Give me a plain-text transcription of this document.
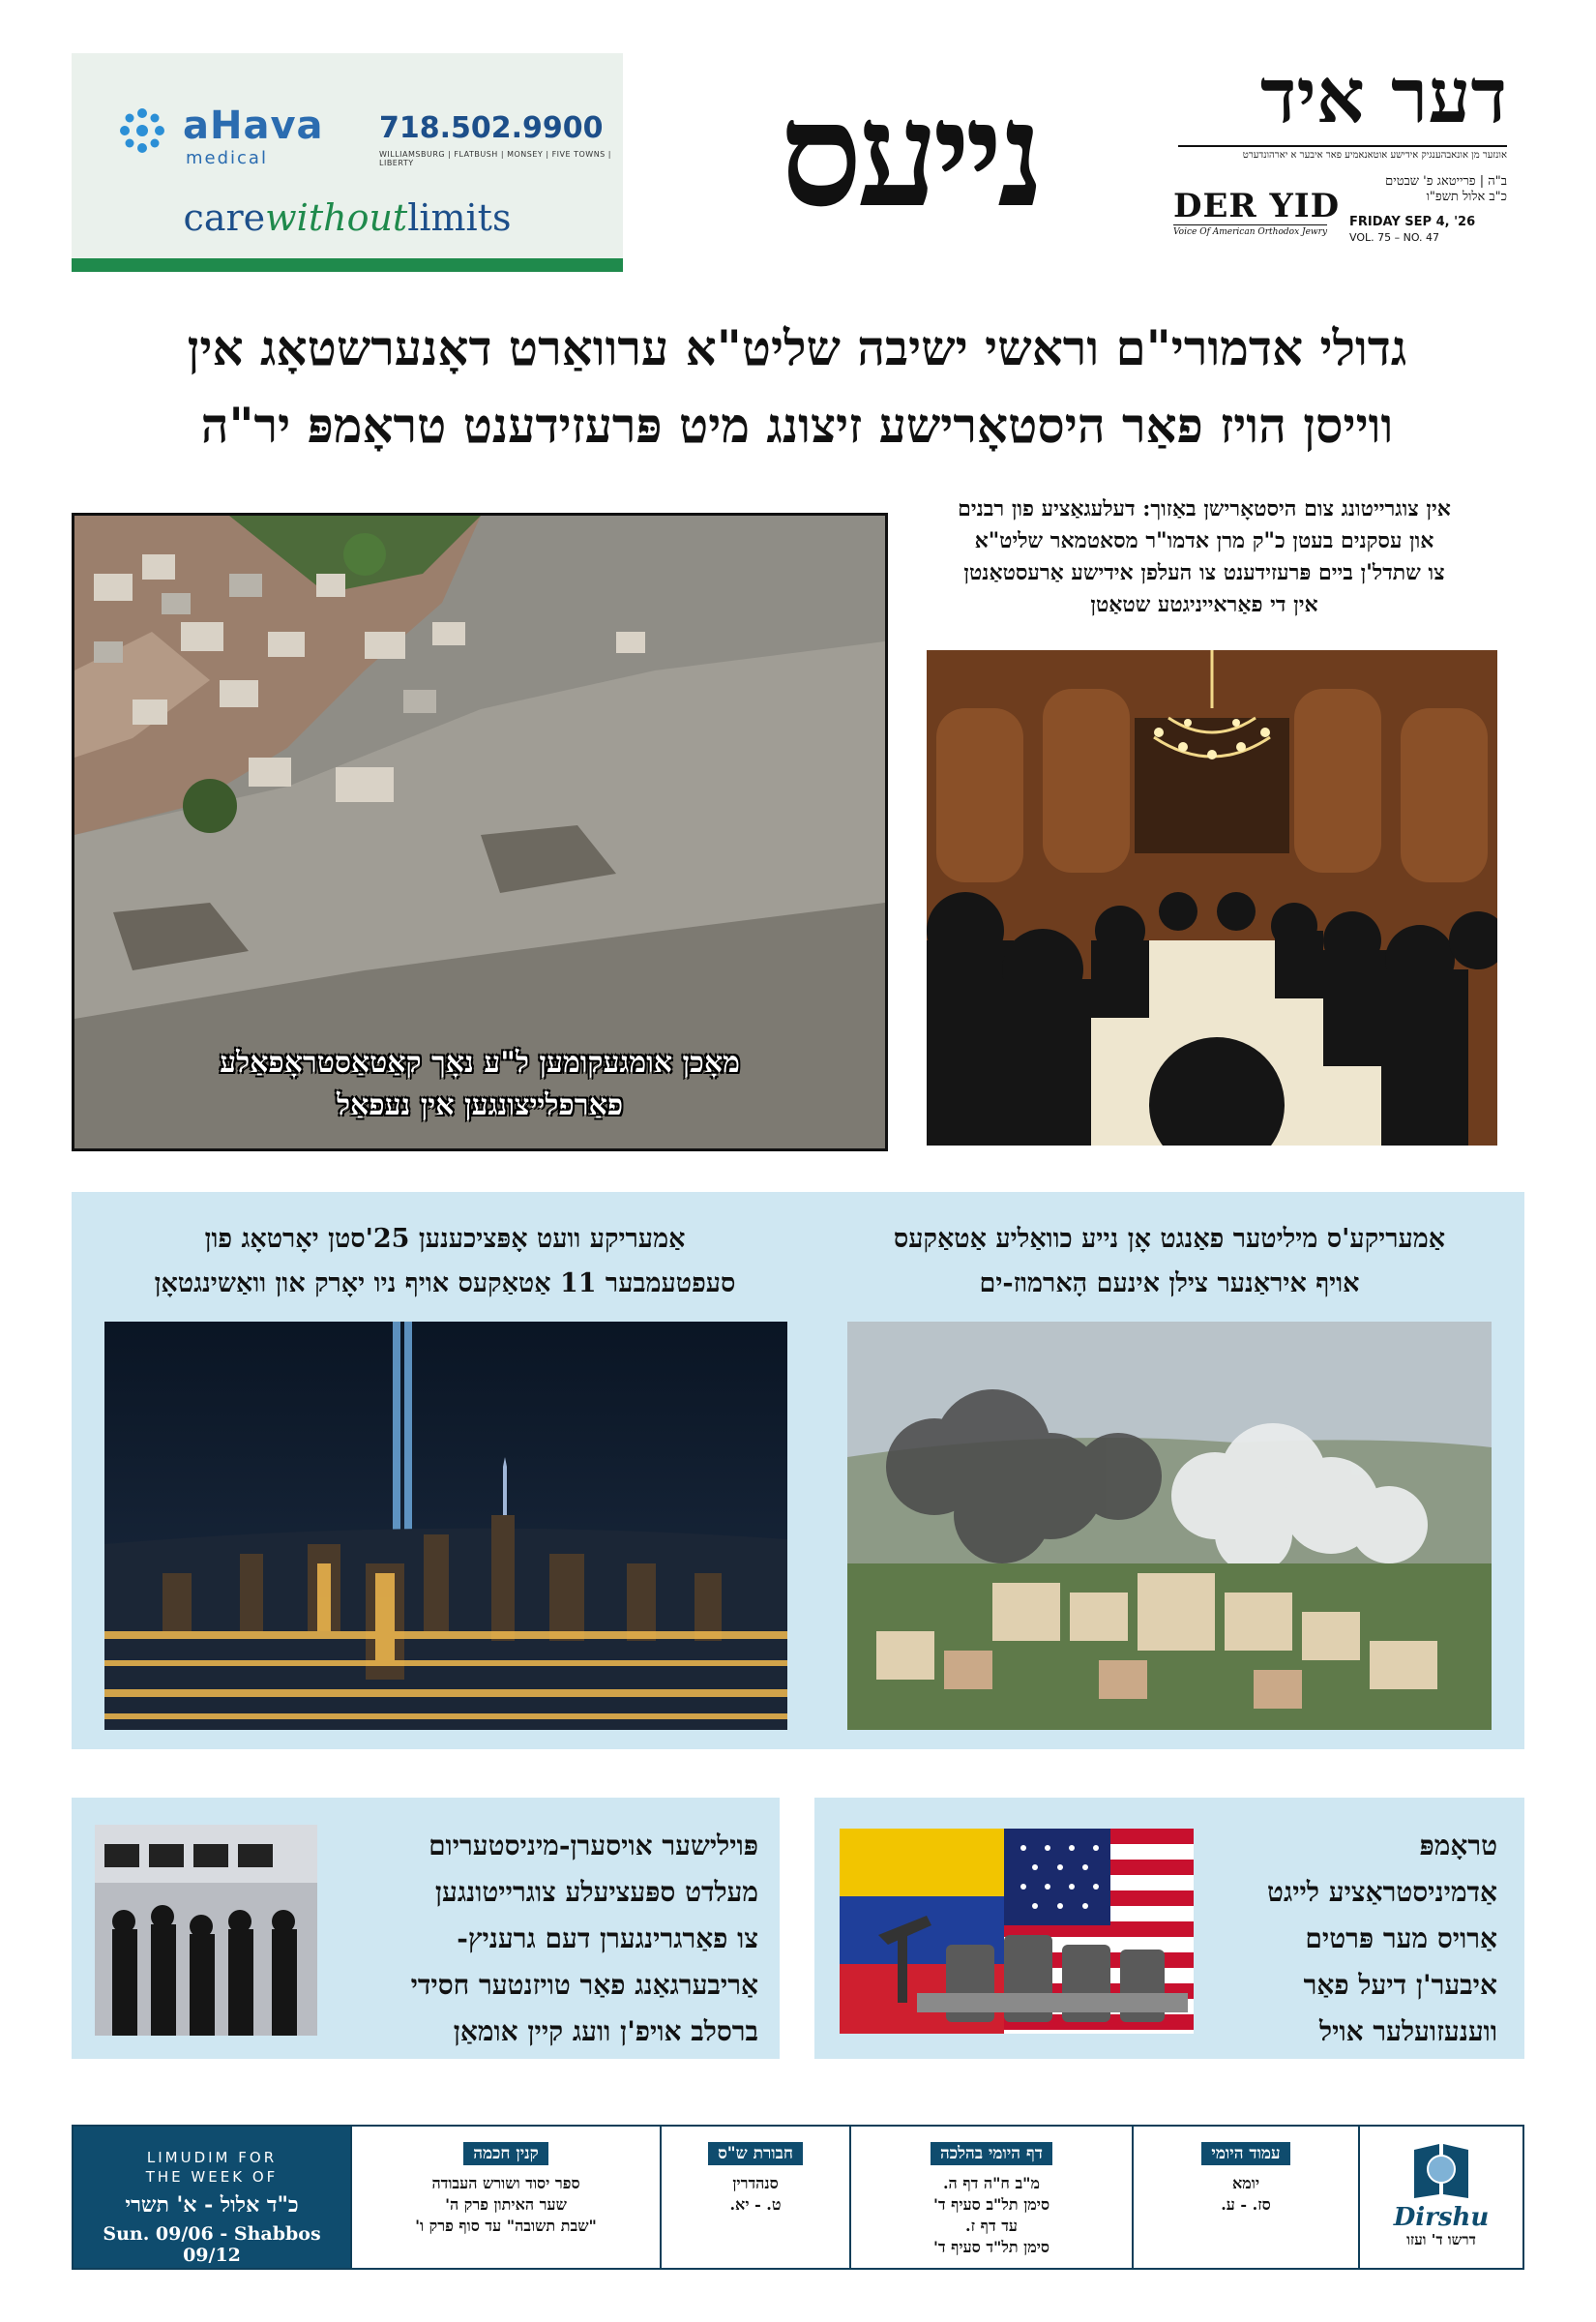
aHava
medical
718.502.9900
WILLIAMSBURG | FLATBUSH | MONSEY | FIVE TOWNS | LIBERTY
carewithoutlimits	נייעס	דער איד
אונזער מן אונאבהענגיק אידישע אוטאנאמיע פאר איבער א יארהונדערט
DER YID
Voice Of American Orthodox Jewry
ב"ה | פרייטאג פ' שבטים
כ"ב אלול תשפ"ו
FRIDAY SEP 4, '26
VOL. 75 – NO. 47
גדולי אדמורי"ם וראשי ישיבה שליט"א ערוואַרט דאָנערשטאָג אין
ווייסן הויז פאַר היסטאָרישע זיצונג מיט פּרעזידענט טראָמפּ יר"ה
מאָכן אומגעקומען ל"ע נאָך קאַטאַסטראָפאַלע
פאַרפלייצונגען אין נעפאַל
אין צוגרייטונג צום היסטאָרישן באַזוך: דעלעגאַציע פון רבנים
און עסקנים בעטן כ"ק מרן אדמו"ר מסאטמאר שליט"א
צו שתדל'ן ביים פּרעזידענט צו העלפן אידישע אַרעסטאַנטן
אין די פאַראייניגטע שטאַטן
אַמעריקע וועט אָפּציכענען 25'סטן יאָרטאָג פון
סעפטעמבער 11 אַטאַקעס אויף ניו יאָרק און וואַשינגטאָן
אַמעריקע'ס מיליטער פאַנגט אָן נייע כוואַליע אַטאַקעס
אויף איראַנער צילן אינעם הָארמוז-ים
פּוילישער אויסערן-מיניסטעריום
מעלדט ספּעציעלע צוגרייטונגען
צו פאַרגרינגערן דעם גרעניץ-
אַריבערגאַנג פאַר טויזנטער חסידי
ברסלב אויפ'ן וועג קיין אומאַן
טראָמפּ
אַדמיניסטראַציע לייגט
אַרויס מער פּרטים
איבער'ן דיעל פאַר
ווענעזועלער אויל
LIMUDIM FOR
THE WEEK OF
כ"ד אלול - א' תשרי
Sun. 09/06 - Shabbos 09/12
קנין חכמה
ספר יסוד ושורש העבודה
שער האיתון פרק ה'
"שבת תשובה" עד סוף פרק ו'
חבורת ש"ס
סנהדרין
ט. - יא.
דף היומי בהלכה
מ"ב ח"ה דף ה.
סימן תל"ב סעיף ד'
עד דף ז.
סימן תל"ד סעיף ד'
עמוד היומי
יומא
סז. - ע.	Dirshu
דרשו ד' ועזו
